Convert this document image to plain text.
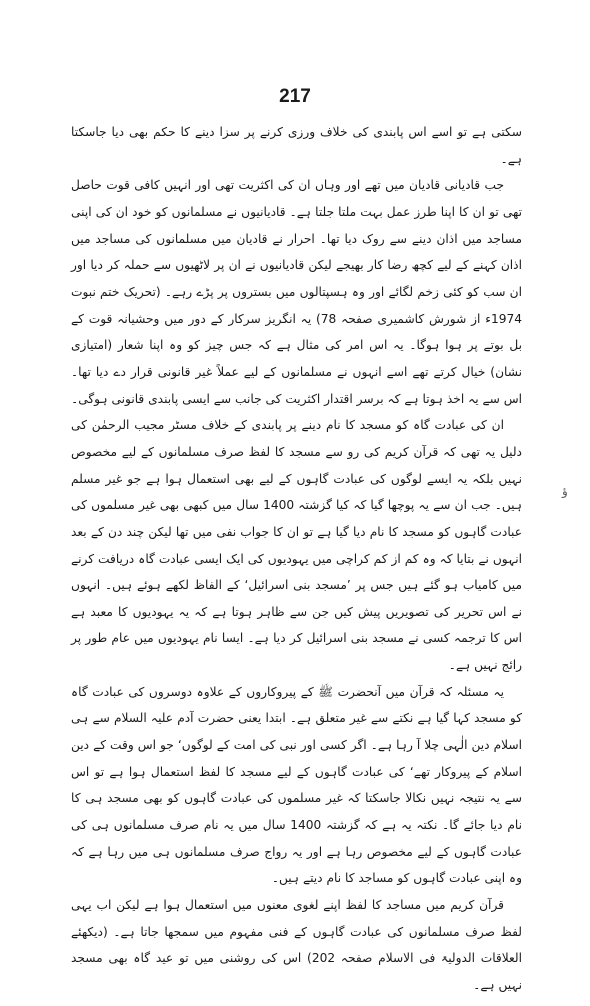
217
ؤ

سکتی ہے تو اسے اس پابندی کی خلاف ورزی کرنے پر سزا دینے کا حکم بھی دیا جاسکتا ہے۔

جب قادیانی قادیان میں تھے اور وہاں ان کی اکثریت تھی اور انہیں کافی قوت حاصل تھی تو ان کا اپنا طرز عمل بہت ملتا جلتا ہے۔ قادیانیوں نے مسلمانوں کو خود ان کی اپنی مساجد میں اذان دینے سے روک دیا تھا۔ احرار نے قادیان میں مسلمانوں کی مساجد میں اذان کہنے کے لیے کچھ رضا کار بھیجے لیکن قادیانیوں نے ان پر لاٹھیوں سے حملہ کر دیا اور ان سب کو کئی زخم لگائے اور وہ ہسپتالوں میں بستروں پر پڑے رہے۔ (تحریک ختم نبوت 1974ء از شورش کاشمیری صفحہ 78) یہ انگریز سرکار کے دور میں وحشیانہ قوت کے بل بوتے پر ہوا ہوگا۔ یہ اس امر کی مثال ہے کہ جس چیز کو وہ اپنا شعار (امتیازی نشان) خیال کرتے تھے اسے انہوں نے مسلمانوں کے لیے عملاً غیر قانونی قرار دے دیا تھا۔ اس سے یہ اخذ ہوتا ہے کہ برسر اقتدار اکثریت کی جانب سے ایسی پابندی قانونی ہوگی۔

ان کی عبادت گاہ کو مسجد کا نام دینے پر پابندی کے خلاف مسٹر مجیب الرحمٰن کی دلیل یہ تھی کہ قرآن کریم کی رو سے مسجد کا لفظ صرف مسلمانوں کے لیے مخصوص نہیں بلکہ یہ ایسے لوگوں کی عبادت گاہوں کے لیے بھی استعمال ہوا ہے جو غیر مسلم ہیں۔ جب ان سے یہ پوچھا گیا کہ کیا گزشتہ 1400 سال میں کبھی بھی غیر مسلموں کی عبادت گاہوں کو مسجد کا نام دیا گیا ہے تو ان کا جواب نفی میں تھا لیکن چند دن کے بعد انہوں نے بتایا کہ وہ کم از کم کراچی میں یہودیوں کی ایک ایسی عبادت گاہ دریافت کرنے میں کامیاب ہو گئے ہیں جس پر ’مسجد بنی اسرائیل‘ کے الفاظ لکھے ہوئے ہیں۔ انہوں نے اس تحریر کی تصویریں پیش کیں جن سے ظاہر ہوتا ہے کہ یہ یہودیوں کا معبد ہے اس کا ترجمہ کسی نے مسجد بنی اسرائیل کر دیا ہے۔ ایسا نام یہودیوں میں عام طور پر رائج نہیں ہے۔

یہ مسئلہ کہ قرآن میں آنحضرت ﷺ کے پیروکاروں کے علاوہ دوسروں کی عبادت گاہ کو مسجد کہا گیا ہے نکتے سے غیر متعلق ہے۔ ابتدا یعنی حضرت آدم علیہ السلام سے ہی اسلام دین الٰہی چلا آ رہا ہے۔ اگر کسی اور نبی کی امت کے لوگوں‘ جو اس وقت کے دین اسلام کے پیروکار تھے‘ کی عبادت گاہوں کے لیے مسجد کا لفظ استعمال ہوا ہے تو اس سے یہ نتیجہ نہیں نکالا جاسکتا کہ غیر مسلموں کی عبادت گاہوں کو بھی مسجد ہی کا نام دیا جائے گا۔ نکتہ یہ ہے کہ گزشتہ 1400 سال میں یہ نام صرف مسلمانوں ہی کی عبادت گاہوں کے لیے مخصوص رہا ہے اور یہ رواج صرف مسلمانوں ہی میں رہا ہے کہ وہ اپنی عبادت گاہوں کو مساجد کا نام دیتے ہیں۔

قرآن کریم میں مساجد کا لفظ اپنے لغوی معنوں میں استعمال ہوا ہے لیکن اب یہی لفظ صرف مسلمانوں کی عبادت گاہوں کے فنی مفہوم میں سمجھا جاتا ہے۔ (دیکھئے العلاقات الدولیۃ فی الاسلام صفحہ 202) اس کی روشنی میں تو عید گاہ بھی مسجد نہیں ہے۔
